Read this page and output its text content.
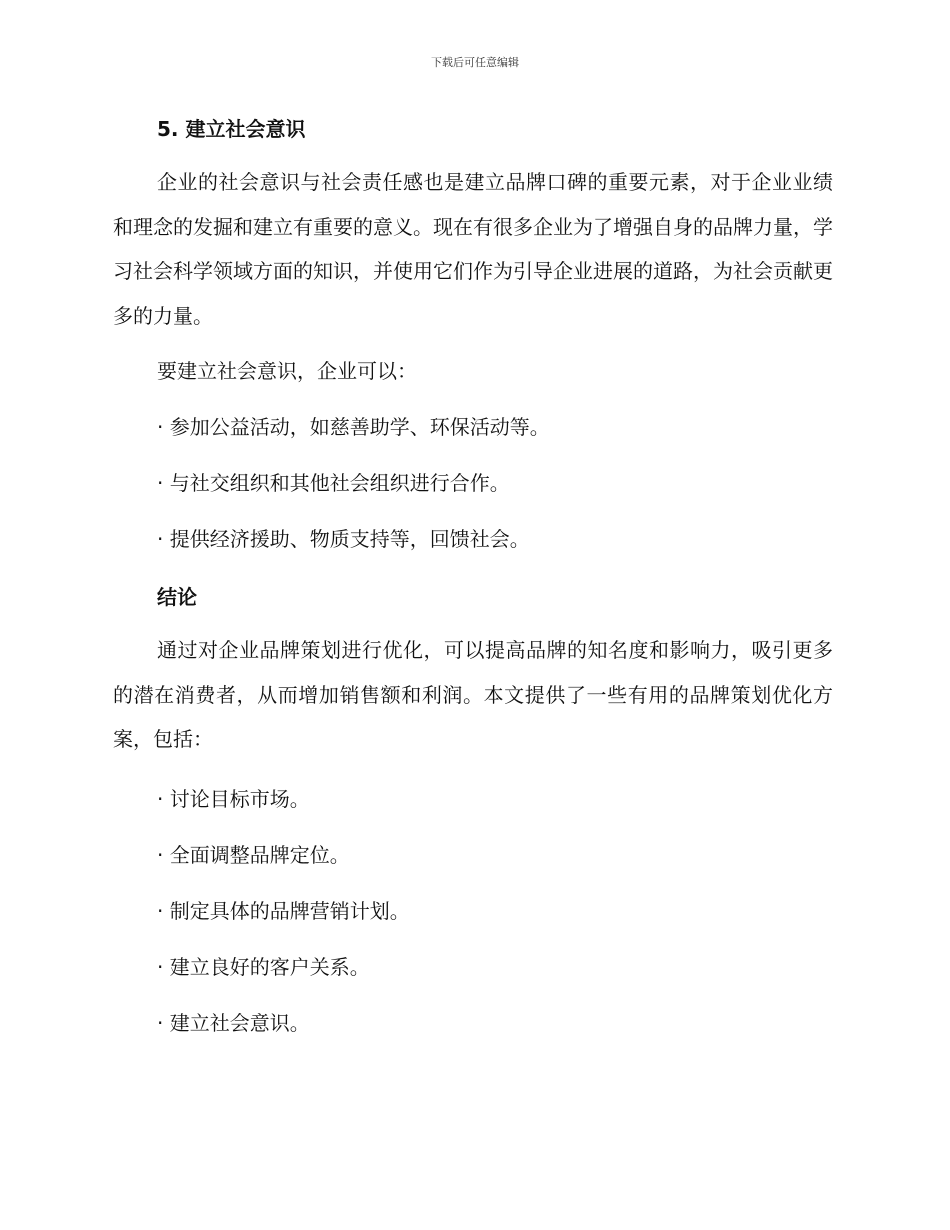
下载后可任意编辑
5. 建立社会意识

企业的社会意识与社会责任感也是建立品牌口碑的重要元素，对于企业业绩和理念的发掘和建立有重要的意义。现在有很多企业为了增强自身的品牌力量，学习社会科学领域方面的知识，并使用它们作为引导企业进展的道路，为社会贡献更多的力量。

要建立社会意识，企业可以：
· 参加公益活动，如慈善助学、环保活动等。
· 与社交组织和其他社会组织进行合作。
· 提供经济援助、物质支持等，回馈社会。
结论

通过对企业品牌策划进行优化，可以提高品牌的知名度和影响力，吸引更多的潜在消费者，从而增加销售额和利润。本文提供了一些有用的品牌策划优化方案，包括：

· 讨论目标市场。
· 全面调整品牌定位。
· 制定具体的品牌营销计划。
· 建立良好的客户关系。
· 建立社会意识。
